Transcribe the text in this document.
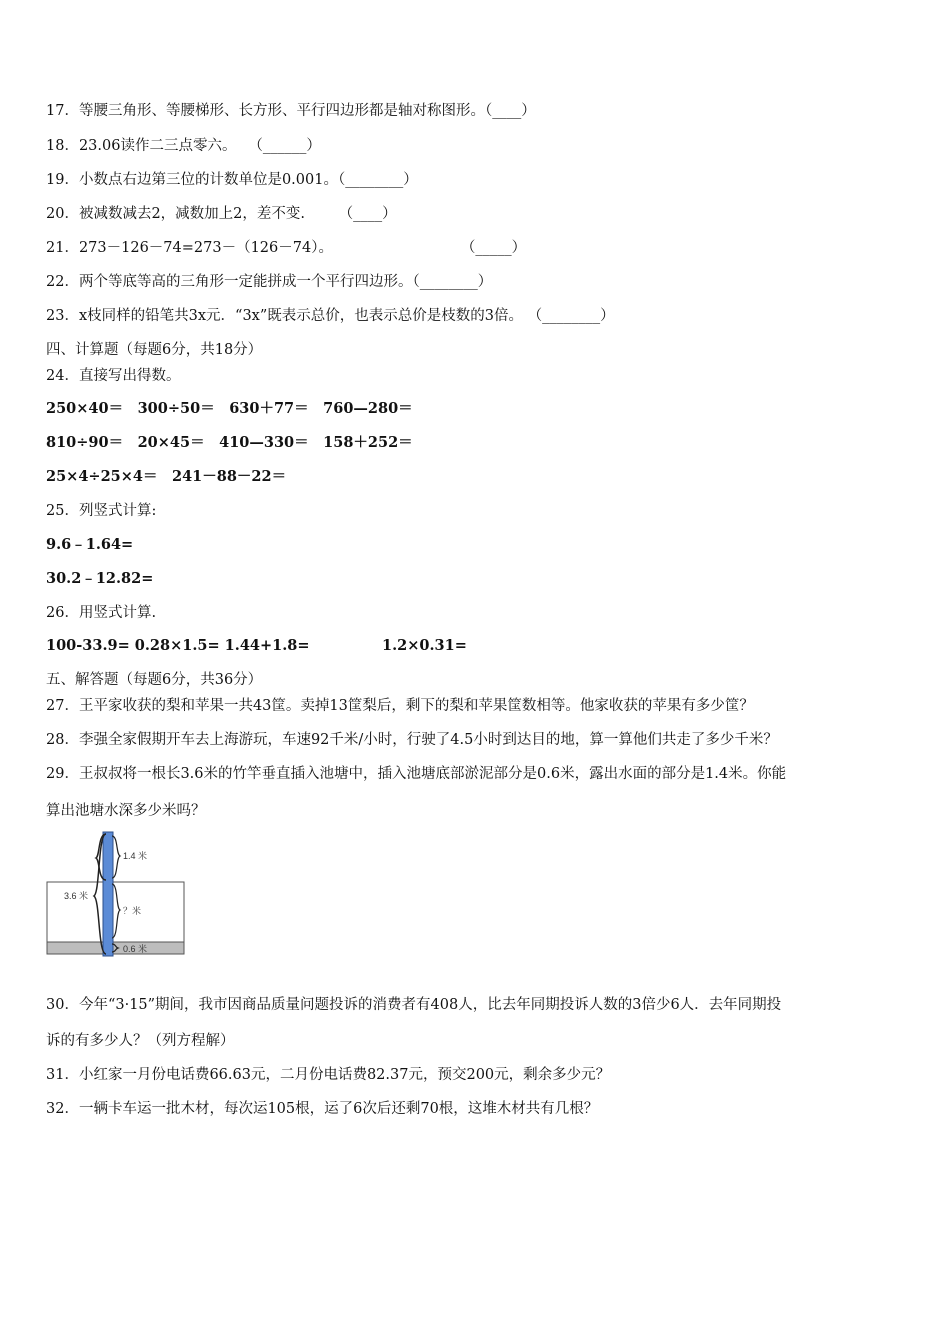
17．等腰三角形、等腰梯形、长方形、平行四边形都是轴对称图形。（____）
18．23.06读作二三点零六。　 （______）
19．小数点右边第三位的计数单位是0.001。（________）
20．被减数减去2，减数加上2，差不变.　　 （____）
21．273－126－74=273－（126－74）。　　　　　　　　　 （_____）
22．两个等底等高的三角形一定能拼成一个平行四边形。（________）
23．x枝同样的铅笔共3x元．“3x”既表示总价，也表示总价是枝数的3倍。 （________）
四、计算题（每题6分，共18分）
24．直接写出得数。
250×40＝　300÷50＝　630＋77＝　760—280＝
810÷90＝　20×45＝　410—330＝　158＋252＝
25×4÷25×4＝　241－88－22＝
25．列竖式计算:
9.6﹣1.64=
30.2﹣12.82=
26．用竖式计算.
100-33.9= 0.28×1.5= 1.44+1.8=　　　　　1.2×0.31=
五、解答题（每题6分，共36分）
27．王平家收获的梨和苹果一共43筐。卖掉13筐梨后，剩下的梨和苹果筐数相等。他家收获的苹果有多少筐？
28．李强全家假期开车去上海游玩，车速92千米/小时，行驶了4.5小时到达目的地，算一算他们共走了多少千米？
29．王叔叔将一根长3.6米的竹竿垂直插入池塘中，插入池塘底部淤泥部分是0.6米，露出水面的部分是1.4米。你能
算出池塘水深多少米吗？
1.4 米
3.6 米
？米
0.6 米
30．今年“3·15”期间，我市因商品质量问题投诉的消费者有408人，比去年同期投诉人数的3倍少6人．去年同期投
诉的有多少人？（列方程解）
31．小红家一月份电话费66.63元，二月份电话费82.37元，预交200元，剩余多少元？
32．一辆卡车运一批木材，每次运105根，运了6次后还剩70根，这堆木材共有几根？
